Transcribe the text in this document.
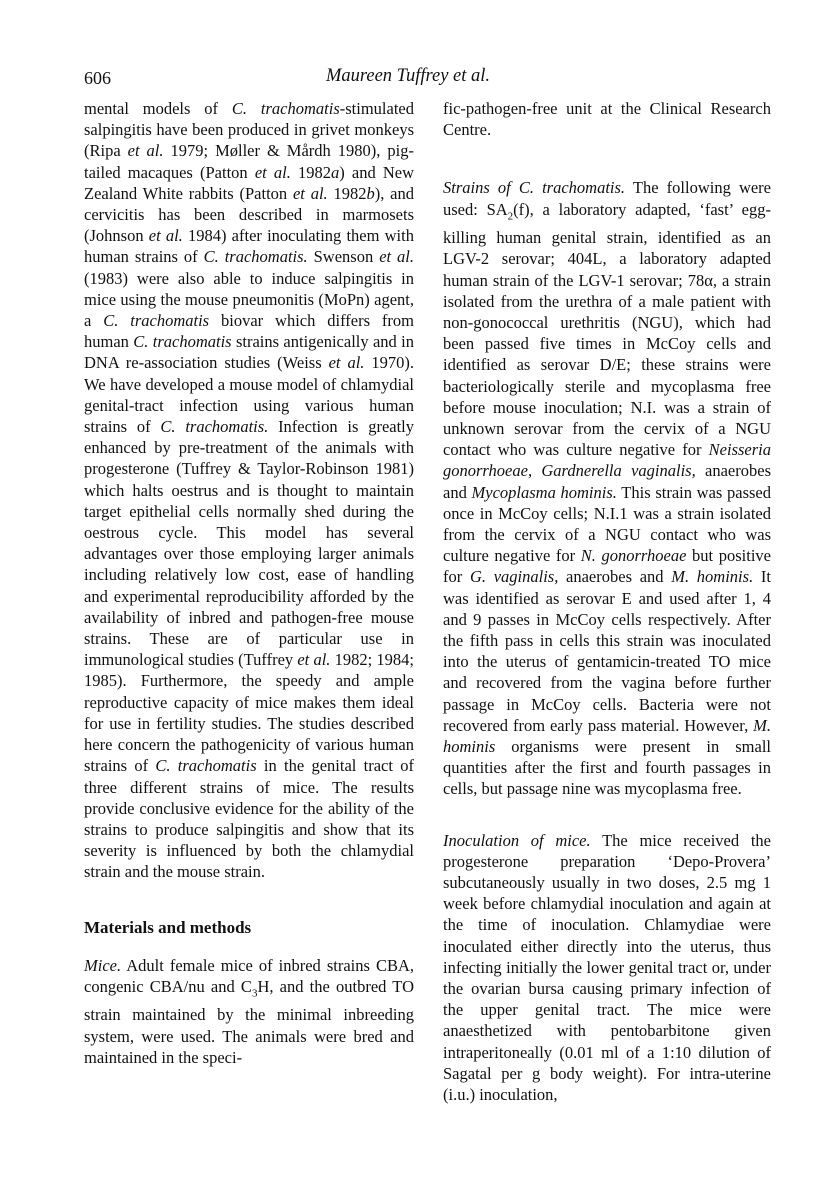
606	Maureen Tuffrey et al.

mental models of C. trachomatis-stimulated salpingitis have been produced in grivet monkeys (Ripa et al. 1979; Møller & Mårdh 1980), pig-tailed macaques (Patton et al. 1982a) and New Zealand White rabbits (Patton et al. 1982b), and cervicitis has been described in marmosets (Johnson et al. 1984) after inoculating them with human strains of C. trachomatis. Swenson et al. (1983) were also able to induce salpingitis in mice using the mouse pneumonitis (MoPn) agent, a C. trachomatis biovar which differs from human C. trachomatis strains antigenically and in DNA re-association studies (Weiss et al. 1970). We have developed a mouse model of chlamydial genital-tract infection using various human strains of C. trachomatis. Infection is greatly enhanced by pre-treatment of the animals with progesterone (Tuffrey & Taylor-Robinson 1981) which halts oestrus and is thought to maintain target epithelial cells normally shed during the oestrous cycle. This model has several advantages over those employing larger animals including relatively low cost, ease of handling and experimental reproducibility afforded by the availability of inbred and pathogen-free mouse strains. These are of particular use in immunological studies (Tuffrey et al. 1982; 1984; 1985). Furthermore, the speedy and ample reproductive capacity of mice makes them ideal for use in fertility studies. The studies described here concern the pathogenicity of various human strains of C. trachomatis in the genital tract of three different strains of mice. The results provide conclusive evidence for the ability of the strains to produce salpingitis and show that its severity is influenced by both the chlamydial strain and the mouse strain.

Materials and methods

Mice. Adult female mice of inbred strains CBA, congenic CBA/nu and $C_3H$, and the outbred TO strain maintained by the minimal inbreeding system, were used. The animals were bred and maintained in the speci-

fic-pathogen-free unit at the Clinical Research Centre.

Strains of C. trachomatis. The following were used: $SA_2(f)$, a laboratory adapted, ‘fast’ egg-killing human genital strain, identified as an LGV-2 serovar; 404L, a laboratory adapted human strain of the LGV-1 serovar; 78α, a strain isolated from the urethra of a male patient with non-gonococcal urethritis (NGU), which had been passed five times in McCoy cells and identified as serovar D/E; these strains were bacteriologically sterile and mycoplasma free before mouse inoculation; N.I. was a strain of unknown serovar from the cervix of a NGU contact who was culture negative for Neisseria gonorrhoeae, Gardnerella vaginalis, anaerobes and Mycoplasma hominis. This strain was passed once in McCoy cells; N.I.1 was a strain isolated from the cervix of a NGU contact who was culture negative for N. gonorrhoeae but positive for G. vaginalis, anaerobes and M. hominis. It was identified as serovar E and used after 1, 4 and 9 passes in McCoy cells respectively. After the fifth pass in cells this strain was inoculated into the uterus of gentamicin-treated TO mice and recovered from the vagina before further passage in McCoy cells. Bacteria were not recovered from early pass material. However, M. hominis organisms were present in small quantities after the first and fourth passages in cells, but passage nine was mycoplasma free.

Inoculation of mice. The mice received the progesterone preparation ‘Depo-Provera’ subcutaneously usually in two doses, 2.5 mg 1 week before chlamydial inoculation and again at the time of inoculation. Chlamydiae were inoculated either directly into the uterus, thus infecting initially the lower genital tract or, under the ovarian bursa causing primary infection of the upper genital tract. The mice were anaesthetized with pentobarbitone given intraperitoneally (0.01 ml of a 1:10 dilution of Sagatal per g body weight). For intra-uterine (i.u.) inoculation,
